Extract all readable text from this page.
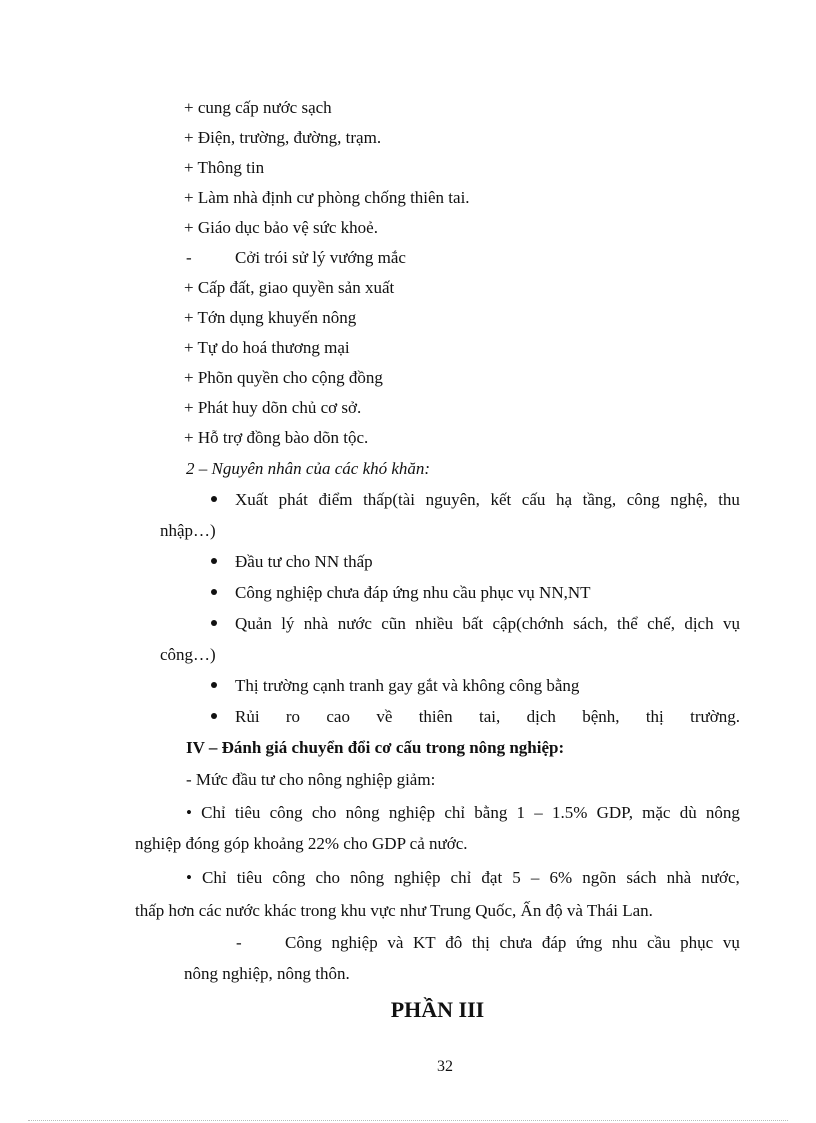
+ cung cấp nước sạch
+ Điện, trường, đường, trạm.
+ Thông tin
+ Làm nhà định cư phòng chống thiên tai.
+ Giáo dục bảo vệ sức khoẻ.
-	Cởi trói sử lý vướng mắc
+ Cấp đất, giao quyền sản xuất
+ Tớn dụng khuyến nông
+ Tự do hoá thương mại
+ Phõn quyền cho cộng đồng
+ Phát huy dõn chủ cơ sở.
+ Hỗ trợ đồng bào dõn tộc.
2 – Nguyên nhân của các khó khăn:
Xuất phát điểm thấp(tài nguyên, kết cấu hạ tầng, công nghệ, thu
nhập…)
Đầu tư cho NN thấp
Công nghiệp chưa đáp ứng nhu cầu phục vụ NN,NT
Quản lý nhà nước cũn nhiều bất cập(chớnh sách, thể chế, dịch vụ
công…)
Thị trường cạnh tranh gay gắt và không công bằng
Rủi ro cao về thiên tai, dịch bệnh, thị trường.
IV – Đánh giá chuyển đổi cơ cấu trong nông nghiệp:
- Mức đầu tư cho nông nghiệp giảm:
• Chỉ tiêu công cho nông nghiệp chỉ bằng 1 – 1.5% GDP, mặc dù nông
nghiệp đóng góp khoảng 22% cho GDP cả nước.
• Chỉ tiêu công cho nông nghiệp chỉ đạt 5 – 6% ngõn sách nhà nước,
thấp hơn các nước khác trong khu vực như Trung Quốc, Ấn độ và Thái Lan.
-	Công nghiệp và KT đô thị chưa đáp ứng nhu cầu phục vụ
nông nghiệp, nông thôn.
PHẦN III
32
